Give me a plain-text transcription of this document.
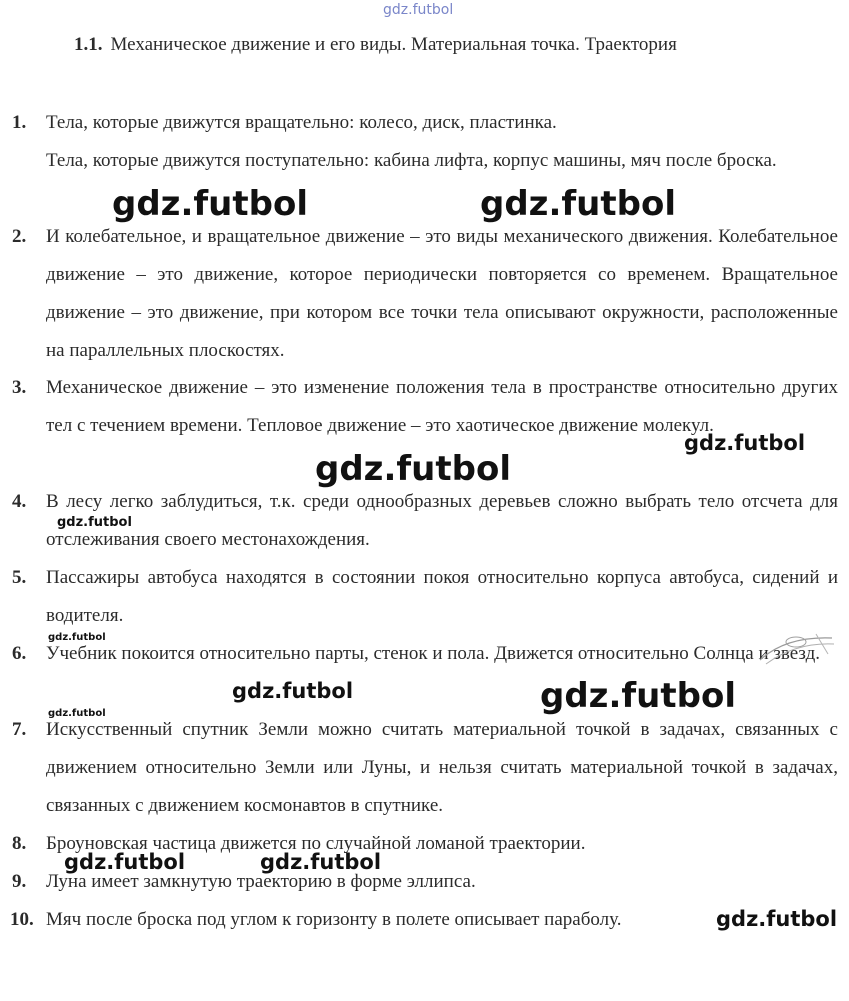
gdz.futbol
1.1. Механическое движение и его виды. Материальная точка. Траектория
1. Тела, которые движутся вращательно: колесо, диск, пластинка.

Тела, которые движутся поступательно: кабина лифта, корпус машины, мяч после броска.

2. И колебательное, и вращательное движение – это виды механического движения. Колебательное движение – это движение, которое периодически повторяется со временем. Вращательное движение – это движение, при котором все точки тела описывают окружности, расположенные на параллельных плоскостях.

3. Механическое движение – это изменение положения тела в пространстве относительно других тел с течением времени. Тепловое движение – это хаотическое движение молекул.

4. В лесу легко заблудиться, т.к. среди однообразных деревьев сложно выбрать тело отсчета для отслеживания своего местонахождения.

5. Пассажиры автобуса находятся в состоянии покоя относительно корпуса автобуса, сидений и водителя.

6. Учебник покоится относительно парты, стенок и пола. Движется относительно Солнца и звезд.

7. Искусственный спутник Земли можно считать материальной точкой в задачах, связанных с движением относительно Земли или Луны, и нельзя считать материальной точкой в задачах, связанных с движением космонавтов в спутнике.

8. Броуновская частица движется по случайной ломаной траектории.

9. Луна имеет замкнутую траекторию в форме эллипса.

10. Мяч после броска под углом к горизонту в полете описывает параболу.

gdz.futbol	gdz.futbol
gdz.futbol
gdz.futbol
gdz.futbol
gdz.futbol
gdz.futbol	gdz.futbol
gdz.futbol
gdz.futbol	gdz.futbol
gdz.futbol
